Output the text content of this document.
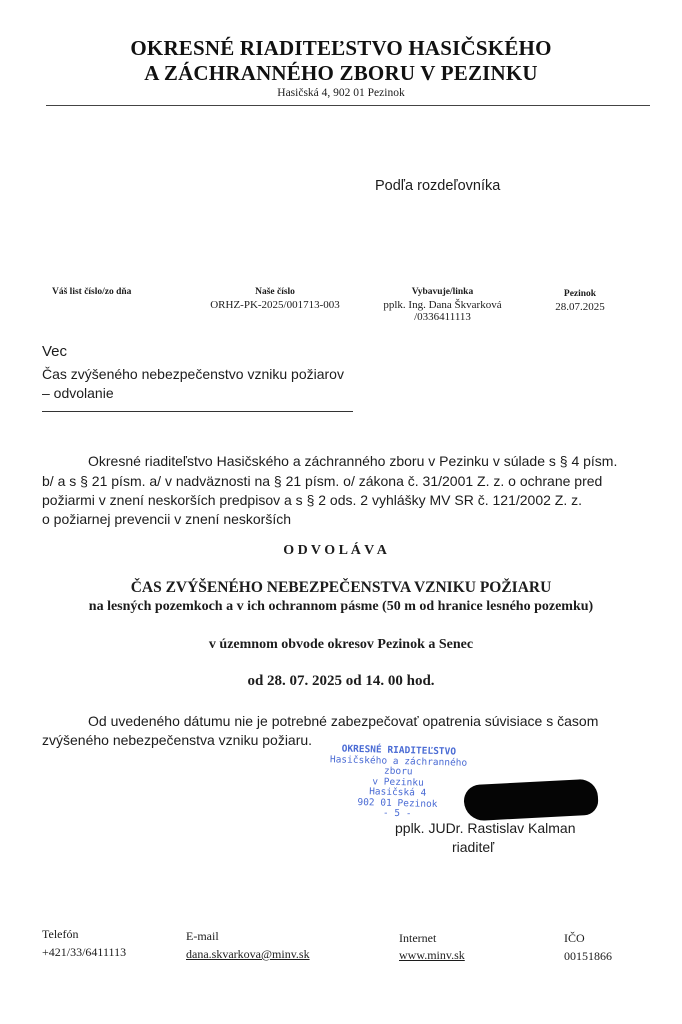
OKRESNÉ RIADITEĽSTVO HASIČSKÉHO
A ZÁCHRANNÉHO ZBORU V PEZINKU
Hasičská 4, 902 01 Pezinok
Podľa rozdeľovníka
Váš list číslo/zo dňa	Naše číslo
ORHZ-PK-2025/001713-003
Vybavuje/linka
pplk. Ing. Dana Škvarková
/0336411113
Pezinok
28.07.2025
Vec
Čas zvýšeného nebezpečenstvo vzniku požiarov
– odvolanie
Okresné riaditeľstvo Hasičského a záchranného zboru v Pezinku v súlade s § 4 písm.
b/ a s § 21 písm. a/ v nadväznosti na § 21 písm. o/ zákona č. 31/2001 Z. z. o ochrane pred
požiarmi v znení neskorších predpisov a s § 2 ods. 2 vyhlášky MV SR č. 121/2002 Z. z.
o požiarnej prevencii v znení neskorších
O D V O L Á V A
ČAS ZVÝŠENÉHO NEBEZPEČENSTVA VZNIKU POŽIARU
na lesných pozemkoch a v ich ochrannom pásme (50 m od hranice lesného pozemku)
v územnom obvode okresov Pezinok a Senec
od 28. 07. 2025 od 14. 00 hod.
Od uvedeného dátumu nie je potrebné zabezpečovať opatrenia súvisiace s časom
zvýšeného nebezpečenstva vzniku požiaru.
OKRESNÉ RIADITEĽSTVO
Hasičského a záchranného zboru
v Pezinku
Hasičská 4
902 01 Pezinok
- 5 -
pplk. JUDr. Rastislav Kalman
riaditeľ
Telefón
+421/33/6411113
E-mail
dana.skvarkova@minv.sk
Internet
www.minv.sk
IČO
00151866
